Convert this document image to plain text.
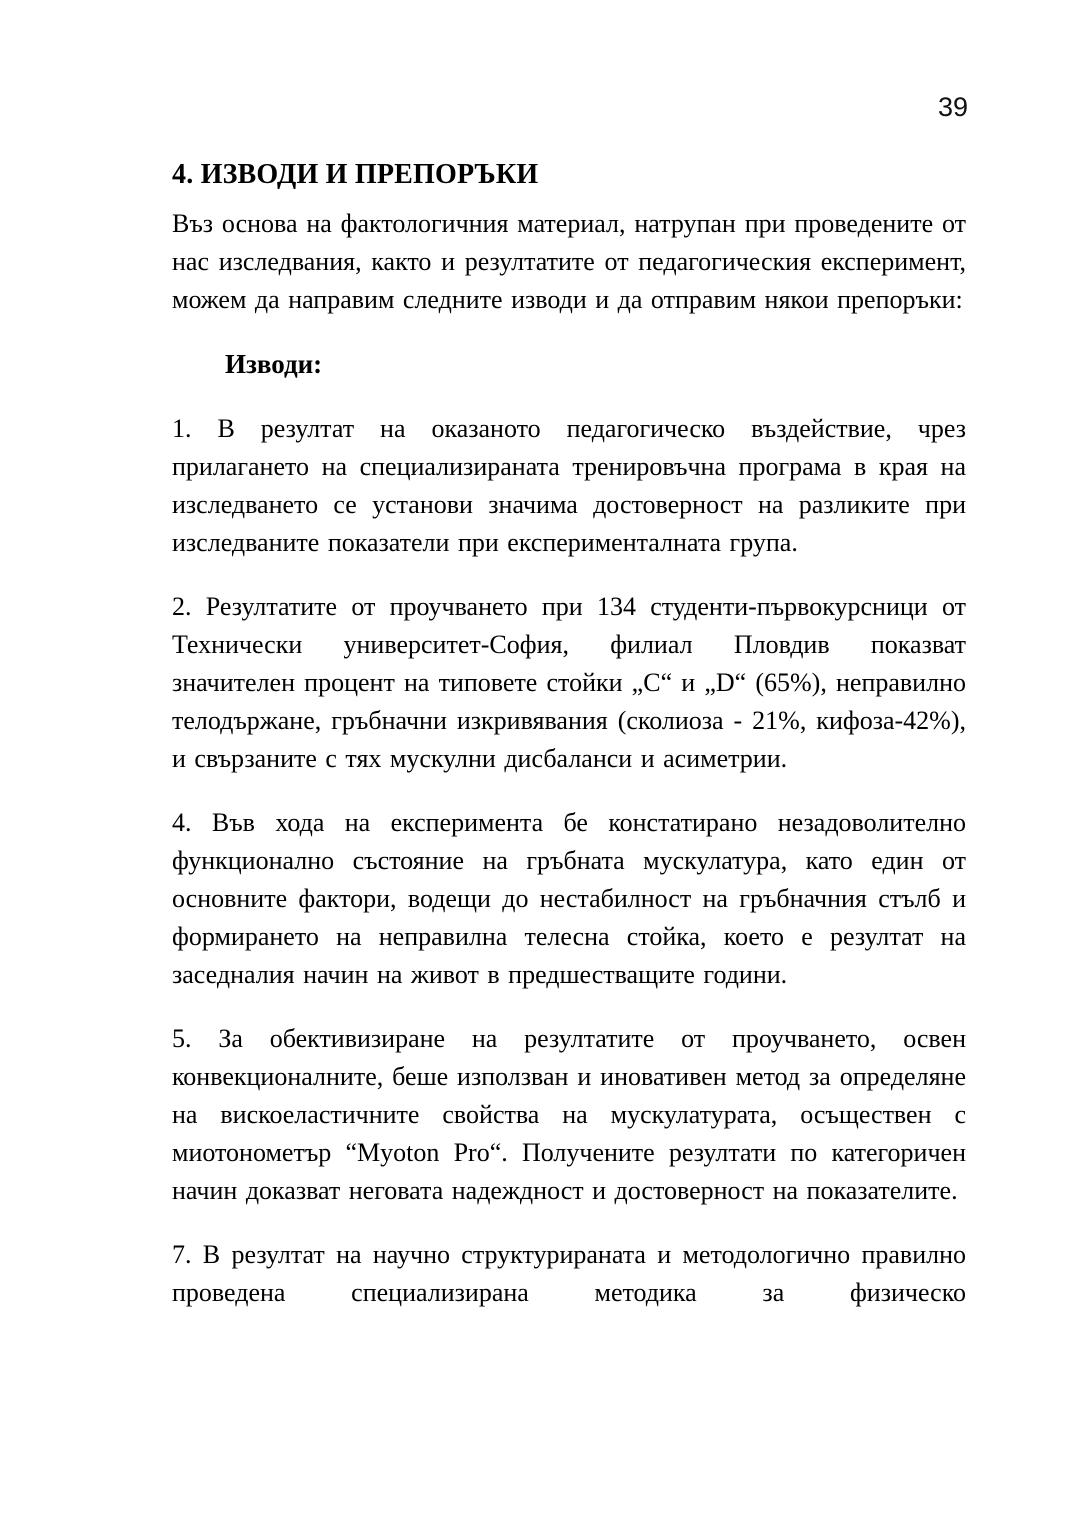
39
4. ИЗВОДИ И ПРЕПОРЪКИ

Въз основа на фактологичния материал, натрупан при проведените от нас изследвания, както и резултатите от педагогическия експеримент, можем да направим следните изводи и да отправим някои препоръки:

Изводи:

1. В резултат на оказаното педагогическо въздействие, чрез прилагането на специализираната тренировъчна програма в края на изследването се установи значима достоверност на разликите при изследваните показатели при експерименталната група.

2. Резултатите от проучването при 134 студенти-първокурсници от Технически университет-София, филиал Пловдив показват значителен процент на типовете стойки „С“ и „D“ (65%), неправилно телодържане, гръбначни изкривявания (сколиоза - 21%, кифоза-42%), и свързаните с тях мускулни дисбаланси и асиметрии.

4. Във хода на експеримента бе констатирано незадоволително функционално състояние на гръбната мускулатура, като един от основните фактори, водещи до нестабилност на гръбначния стълб и формирането на неправилна телесна стойка, което е резултат на заседналия начин на живот в предшестващите години.

5. За обективизиране на резултатите от проучването, освен конвекционалните, беше използван и иновативен метод за определяне на вискоеластичните свойства на мускулатурата, осъществен с миотонометър “Myoton Pro“. Получените резултати по категоричен начин доказват неговата надеждност и достоверност на показателите.

7. В резултат на научно структурираната и методологично правилно проведена специализирана методика за физическо
